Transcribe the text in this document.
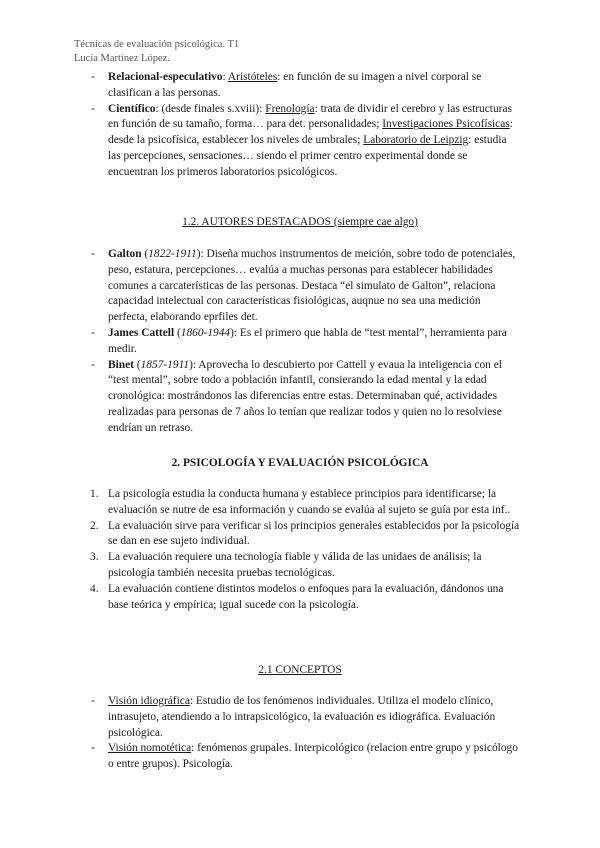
Técnicas de evaluación psicológica. T1
Lucía Martínez López.
- Relacional-especulativo: Aristóteles: en función de su imagen a nivel corporal se clasifican a las personas.
- Científico: (desde finales s.xviii): Frenología: trata de dividir el cerebro y las estructuras en función de su tamaño, forma… para det. personalidades; Investigaciones Psicofísicas: desde la psicofísica, establecer los niveles de umbrales; Laboratorio de Leipzig: estudia las percepciones, sensaciones… siendo el primer centro experimental donde se encuentran los primeros laboratorios psicológicos.
1.2. AUTORES DESTACADOS (siempre cae algo)
- Galton (1822-1911): Diseña muchos instrumentos de meición, sobre todo de potenciales, peso, estatura, percepciones… evalúa a muchas personas para establecer habilidades comunes a carcaterísticas de las personas. Destaca “el simulato de Galton”, relaciona capacidad intelectual con características fisiológicas, auqnue no sea una medición perfecta, elaborando eprfiles det.
- James Cattell (1860-1944): Es el primero que habla de “test mental”, herramienta para medir.
- Binet (1857-1911): Aprovecha lo descubierto por Cattell y evaua la inteligencia con el “test mental”, sobre todo a población infantil, consierando la edad mental y la edad cronológica: mostrándonos las diferencias entre estas. Determinaban qué, actividades realizadas para personas de 7 años lo tenían que realizar todos y quien no lo resolviese endrían un retraso.
2. PSICOLOGÍA Y EVALUACIÓN PSICOLÓGICA
1. La psicología estudia la conducta humana y establece principios para identificarse; la evaluación se nutre de esa información y cuando se evalúa al sujeto se guía por esta inf..
2. La evaluación sirve para verificar si los principios generales establecidos por la psicología se dan en ese sujeto individual.
3. La evaluación requiere una tecnología fiable y válida de las unidaes de análisis; la psicología también necesita pruebas tecnológicas.
4. La evaluación contiene distintos modelos o enfoques para la evaluación, dándonos una base teórica y empírica; igual sucede con la psicología.
2.1 CONCEPTOS
- Visión idiográfica: Estudio de los fenómenos individuales. Utiliza el modelo clínico, intrasujeto, atendiendo a lo intrapsicológico, la evaluación es idiográfica. Evaluación psicológica.
- Visión nomotética: fenómenos grupales. Interpicológico (relacion entre grupo y psicólogo o entre grupos). Psicología.
